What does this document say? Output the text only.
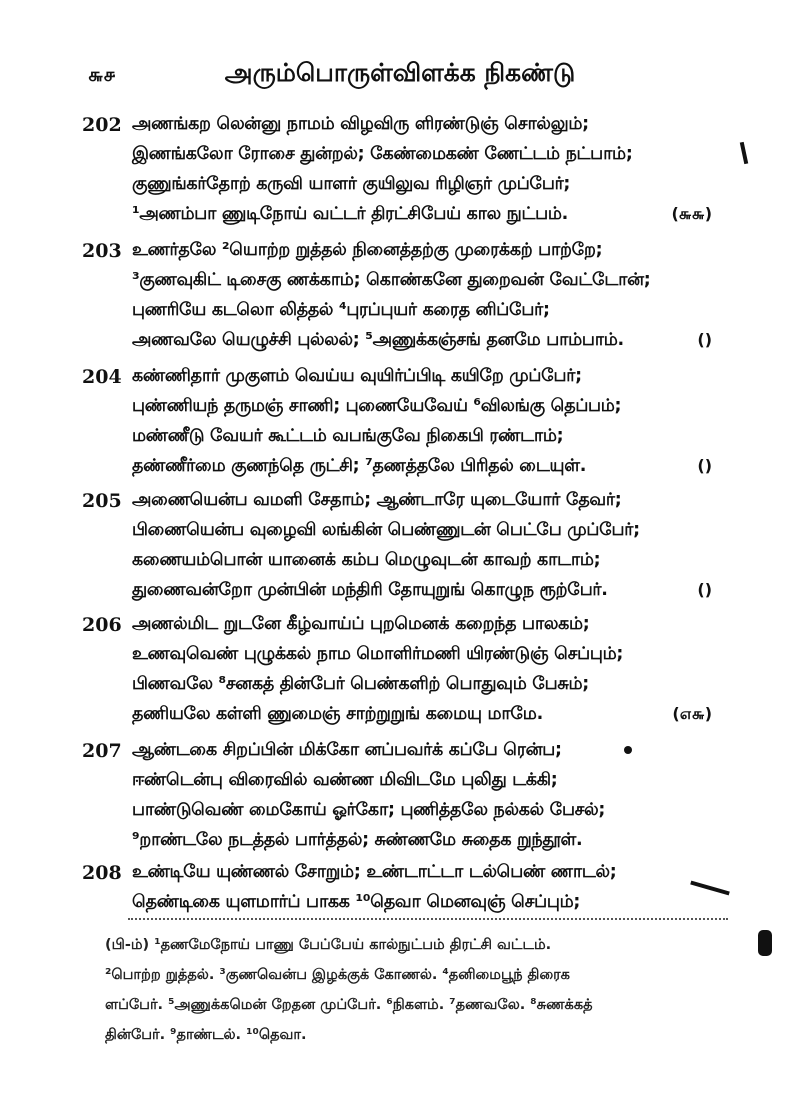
௬௪	அரும்பொருள்விளக்க நிகண்டு
202 அணங்கற லென்னு நாமம் விழவிரு ளிரண்டுஞ் சொல்லும்;
இணங்கலோ ரோசை துன்றல்; கேண்மைகண் ணேட்டம் நட்பாம்;
குணுங்கர்தோற் கருவி யாளர் குயிலுவ ரிழிஞர் முப்பேர்;
¹அணம்பா ணுடிநோய் வட்டர் திரட்சிபேய் கால நுட்பம்.	(௬௬)
203 உணர்தலே ²யொற்ற றுத்தல் நினைத்தற்கு முரைக்கற் பாற்றே;
³குணவுகிட் டிசைகு ணக்காம்; கொண்கனே துறைவன் வேட்டோன்;
புணரியே கடலொ லித்தல் ⁴புரப்புயர் கரைத னிப்பேர்;
அணவலே யெழுச்சி புல்லல்; ⁵அணுக்கஞ்சங் தனமே பாம்பாம்.	()
204 கண்ணிதார் முகுளம் வெய்ய வுயிர்ப்பிடி கயிறே முப்பேர்;
புண்ணியந் தருமஞ் சாணி; புணையேவேய் ⁶விலங்கு தெப்பம்;
மண்ணீடு வேயர் கூட்டம் வபங்குவே நிகைபி ரண்டாம்;
தண்ணீர்மை குணந்தெ ருட்சி; ⁷தணத்தலே பிரிதல் டையுள்.	()
205 அணையென்ப வமளி சேதாம்; ஆண்டாரே யுடையோர் தேவர்;
பிணையென்ப வுழைவி லங்கின் பெண்ணுடன் பெட்பே முப்பேர்;
கணையம்பொன் யானைக் கம்ப மெழுவுடன் காவற் காடாம்;
துணைவன்றோ முன்பின் மந்திரி தோயுறுங் கொழுந ரூற்பேர்.	()
206 அணல்மிட றுடனே கீழ்வாய்ப் புறமெனக் கறைந்த பாலகம்;
உணவுவெண் புழுக்கல் நாம மொளிர்மணி யிரண்டுஞ் செப்பும்;
பிணவலே ⁸சனகத் தின்பேர் பெண்களிற் பொதுவும் பேசும்;
தணியலே கள்ளி ணுமைஞ் சாற்றுறுங் கமையு மாமே.	(௭௬)
207 ஆண்டகை சிறப்பின் மிக்கோ னப்பவர்க் கப்பே ரென்ப;
ஈண்டென்பு விரைவில் வண்ண மிவிடமே புலிது டக்கி;
பாண்டுவெண் மைகோய் ஓர்கோ; புணித்தலே நல்கல் பேசல்;
⁹றாண்டலே நடத்தல் பார்த்தல்; சுண்ணமே சுதைக றுந்தூள்.
208 உண்டியே யுண்ணல் சோறும்; உண்டாட்டா டல்பெண் ணாடல்;
தெண்டிகை யுளமார்ப் பாகக ¹⁰தெவா மெனவுஞ் செப்பும்;
(பி-ம்) ¹தணமேநோய் பாணு பேப்பேய் கால்நுட்பம் திரட்சி வட்டம்.
²பொற்ற றுத்தல். ³குணவென்ப இழக்குக் கோணல். ⁴தனிமைபூந் திரைக
ளப்பேர். ⁵அணுக்கமென் றேதன முப்பேர். ⁶நிகளம். ⁷தணவலே. ⁸சுணக்கத்
தின்பேர். ⁹தாண்டல். ¹⁰தெவா.
